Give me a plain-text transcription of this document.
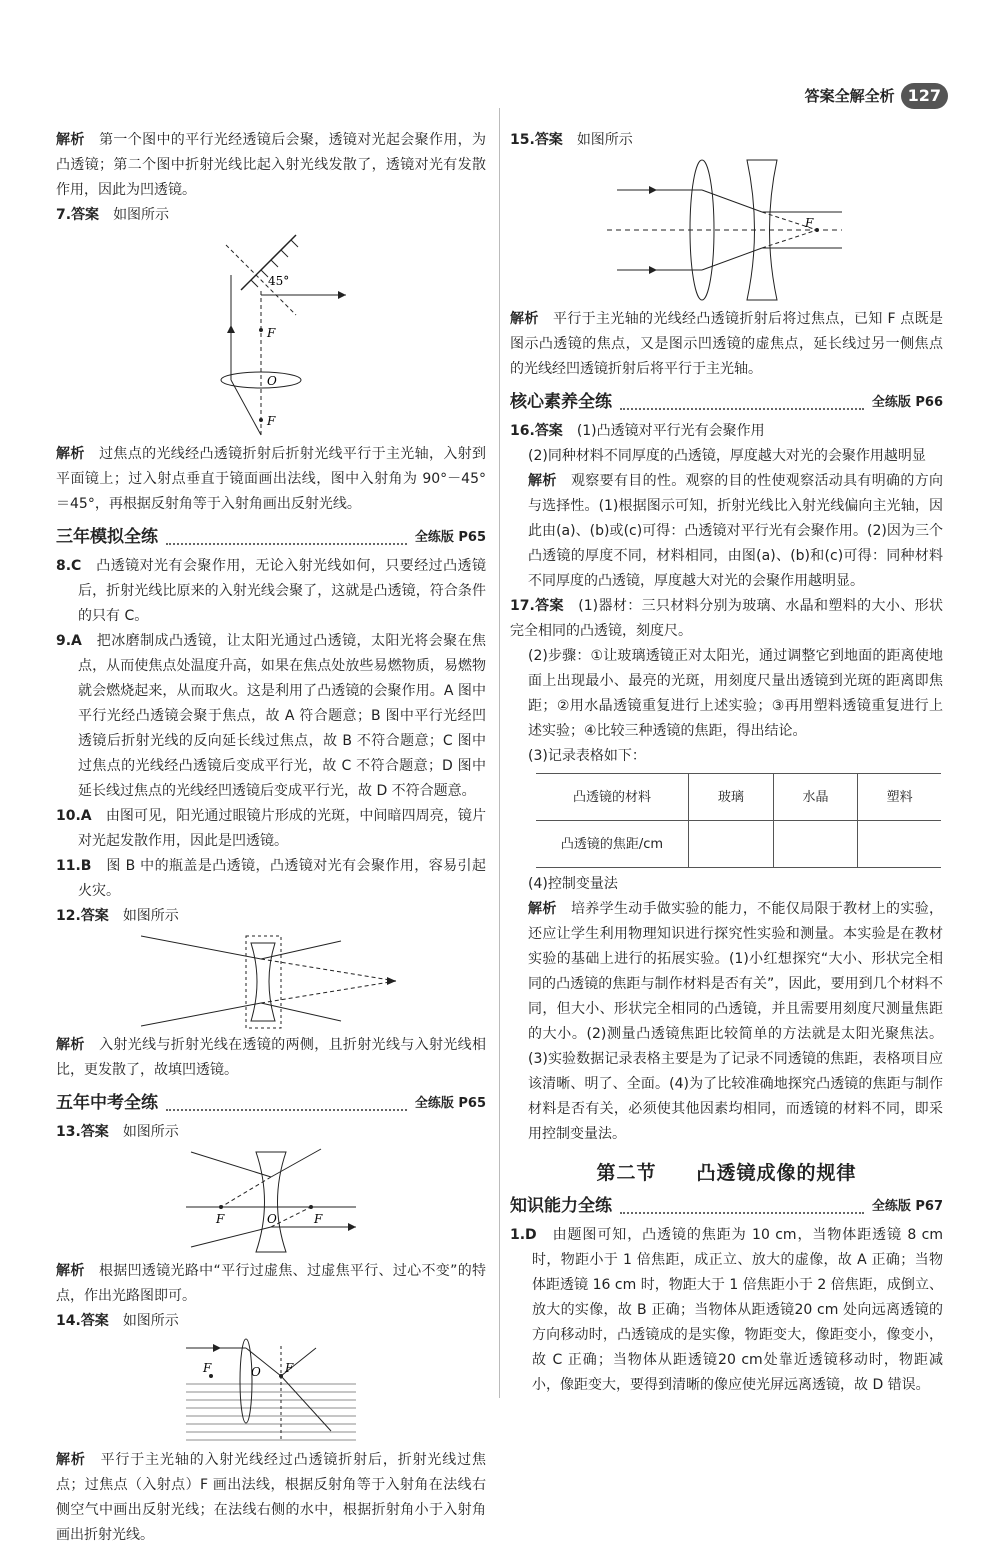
答案全解全析 127

解析　 第一个图中的平行光经透镜后会聚，透镜对光起会聚作用，为凸透镜；第二个图中折射光线比起入射光线发散了，透镜对光有发散作用，因此为凹透镜。

7.答案　 如图所示

45°
F
O
F

解析　 过焦点的光线经凸透镜折射后折射光线平行于主光轴，入射到平面镜上；过入射点垂直于镜面画出法线，图中入射角为 90°－45°＝45°，再根据反射角等于入射角画出反射光线。

三年模拟全练	全练版 P65

8.C　 凸透镜对光有会聚作用，无论入射光线如何，只要经过凸透镜后，折射光线比原来的入射光线会聚了，这就是凸透镜，符合条件的只有 C。

9.A　 把冰磨制成凸透镜，让太阳光通过凸透镜，太阳光将会聚在焦点，从而使焦点处温度升高，如果在焦点处放些易燃物质，易燃物就会燃烧起来，从而取火。这是利用了凸透镜的会聚作用。A 图中平行光经凸透镜会聚于焦点，故 A 符合题意；B 图中平行光经凹透镜后折射光线的反向延长线过焦点，故 B 不符合题意；C 图中过焦点的光线经凸透镜后变成平行光，故 C 不符合题意；D 图中延长线过焦点的光线经凹透镜后变成平行光，故 D 不符合题意。

10.A　 由图可见，阳光通过眼镜片形成的光斑，中间暗四周亮，镜片对光起发散作用，因此是凹透镜。

11.B　 图 B 中的瓶盖是凸透镜，凸透镜对光有会聚作用，容易引起火灾。

12.答案　 如图所示

解析　 入射光线与折射光线在透镜的两侧，且折射光线与入射光线相比，更发散了，故填凹透镜。

五年中考全练	全练版 P65

13.答案　 如图所示

F	O	F

解析　 根据凹透镜光路中“平行过虚焦、过虚焦平行、过心不变”的特点，作出光路图即可。

14.答案　 如图所示

F	O F

解析　 平行于主光轴的入射光线经过凸透镜折射后，折射光线过焦点；过焦点（入射点）F 画出法线，根据反射角等于入射角在法线右侧空气中画出反射光线；在法线右侧的水中，根据折射角小于入射角画出折射光线。

15.答案　 如图所示

F

解析　 平行于主光轴的光线经凸透镜折射后将过焦点，已知 F 点既是图示凸透镜的焦点，又是图示凹透镜的虚焦点，延长线过另一侧焦点的光线经凹透镜折射后将平行于主光轴。

核心素养全练	全练版 P66

16.答案　 (1)凸透镜对平行光有会聚作用

(2)同种材料不同厚度的凸透镜，厚度越大对光的会聚作用越明显

解析　 观察要有目的性。观察的目的性使观察活动具有明确的方向与选择性。(1)根据图示可知，折射光线比入射光线偏向主光轴，因此由(a)、(b)或(c)可得：凸透镜对平行光有会聚作用。(2)因为三个凸透镜的厚度不同，材料相同，由图(a)、(b)和(c)可得：同种材料不同厚度的凸透镜，厚度越大对光的会聚作用越明显。

17.答案　 (1)器材：三只材料分别为玻璃、水晶和塑料的大小、形状完全相同的凸透镜，刻度尺。

(2)步骤：①让玻璃透镜正对太阳光，通过调整它到地面的距离使地面上出现最小、最亮的光斑，用刻度尺量出透镜到光斑的距离即焦距；②用水晶透镜重复进行上述实验；③再用塑料透镜重复进行上述实验；④比较三种透镜的焦距，得出结论。

(3)记录表格如下：

凸透镜的材料	玻璃	水晶	塑料
凸透镜的焦距/cm			

(4)控制变量法

解析　 培养学生动手做实验的能力，不能仅局限于教材上的实验，还应让学生利用物理知识进行探究性实验和测量。本实验是在教材实验的基础上进行的拓展实验。(1)小红想探究“大小、形状完全相同的凸透镜的焦距与制作材料是否有关”，因此，要用到几个材料不同，但大小、形状完全相同的凸透镜，并且需要用刻度尺测量焦距的大小。(2)测量凸透镜焦距比较简单的方法就是太阳光聚焦法。(3)实验数据记录表格主要是为了记录不同透镜的焦距，表格项目应该清晰、明了、全面。(4)为了比较准确地探究凸透镜的焦距与制作材料是否有关，必须使其他因素均相同，而透镜的材料不同，即采用控制变量法。

第二节　　 凸透镜成像的规律
知识能力全练	全练版 P67

1.D　 由题图可知，凸透镜的焦距为 10 cm，当物体距透镜 8 cm 时，物距小于 1 倍焦距，成正立、放大的虚像，故 A 正确；当物体距透镜 16 cm 时，物距大于 1 倍焦距小于 2 倍焦距，成倒立、放大的实像，故 B 正确；当物体从距透镜20 cm 处向远离透镜的方向移动时，凸透镜成的是实像，物距变大，像距变小，像变小，故 C 正确；当物体从距透镜20 cm处靠近透镜移动时，物距减小，像距变大，要得到清晰的像应使光屏远离透镜，故 D 错误。
